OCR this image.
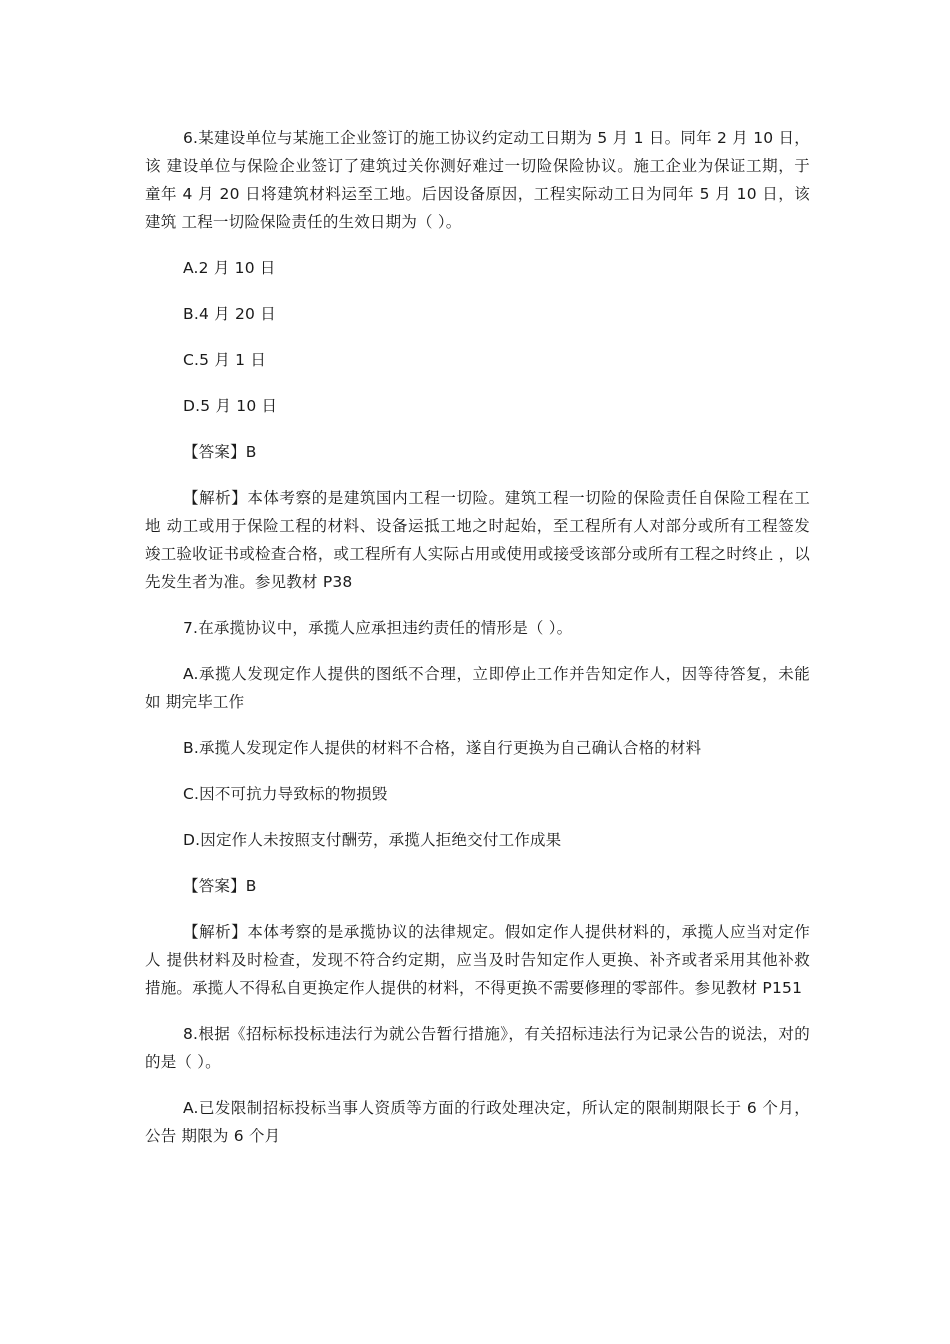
6.某建设单位与某施工企业签订的施工协议约定动工日期为 5 月 1 日。同年 2 月 10 日，该 建设单位与保险企业签订了建筑过关你测好难过一切险保险协议。施工企业为保证工期，于 童年 4 月 20 日将建筑材料运至工地。后因设备原因，工程实际动工日为同年 5 月 10 日，该建筑 工程一切险保险责任的生效日期为（ ）。

A.2 月 10 日

B.4 月 20 日

C.5 月 1 日

D.5 月 10 日

【答案】B

【解析】本体考察的是建筑国内工程一切险。建筑工程一切险的保险责任自保险工程在工地 动工或用于保险工程的材料、设备运抵工地之时起始，至工程所有人对部分或所有工程签发 竣工验收证书或检查合格，或工程所有人实际占用或使用或接受该部分或所有工程之时终止 ，以先发生者为准。参见教材 P38

7.在承揽协议中，承揽人应承担违约责任的情形是（ ）。

A.承揽人发现定作人提供的图纸不合理，立即停止工作并告知定作人，因等待答复，未能如 期完毕工作

B.承揽人发现定作人提供的材料不合格，遂自行更换为自己确认合格的材料

C.因不可抗力导致标的物损毁

D.因定作人未按照支付酬劳，承揽人拒绝交付工作成果

【答案】B

【解析】本体考察的是承揽协议的法律规定。假如定作人提供材料的，承揽人应当对定作人 提供材料及时检查，发现不符合约定期，应当及时告知定作人更换、补齐或者采用其他补救 措施。承揽人不得私自更换定作人提供的材料，不得更换不需要修理的零部件。参见教材 P151

8.根据《招标标投标违法行为就公告暂行措施》，有关招标违法行为记录公告的说法，对的 的是（ ）。

A.已发限制招标投标当事人资质等方面的行政处理决定，所认定的限制期限长于 6 个月，公告 期限为 6 个月
